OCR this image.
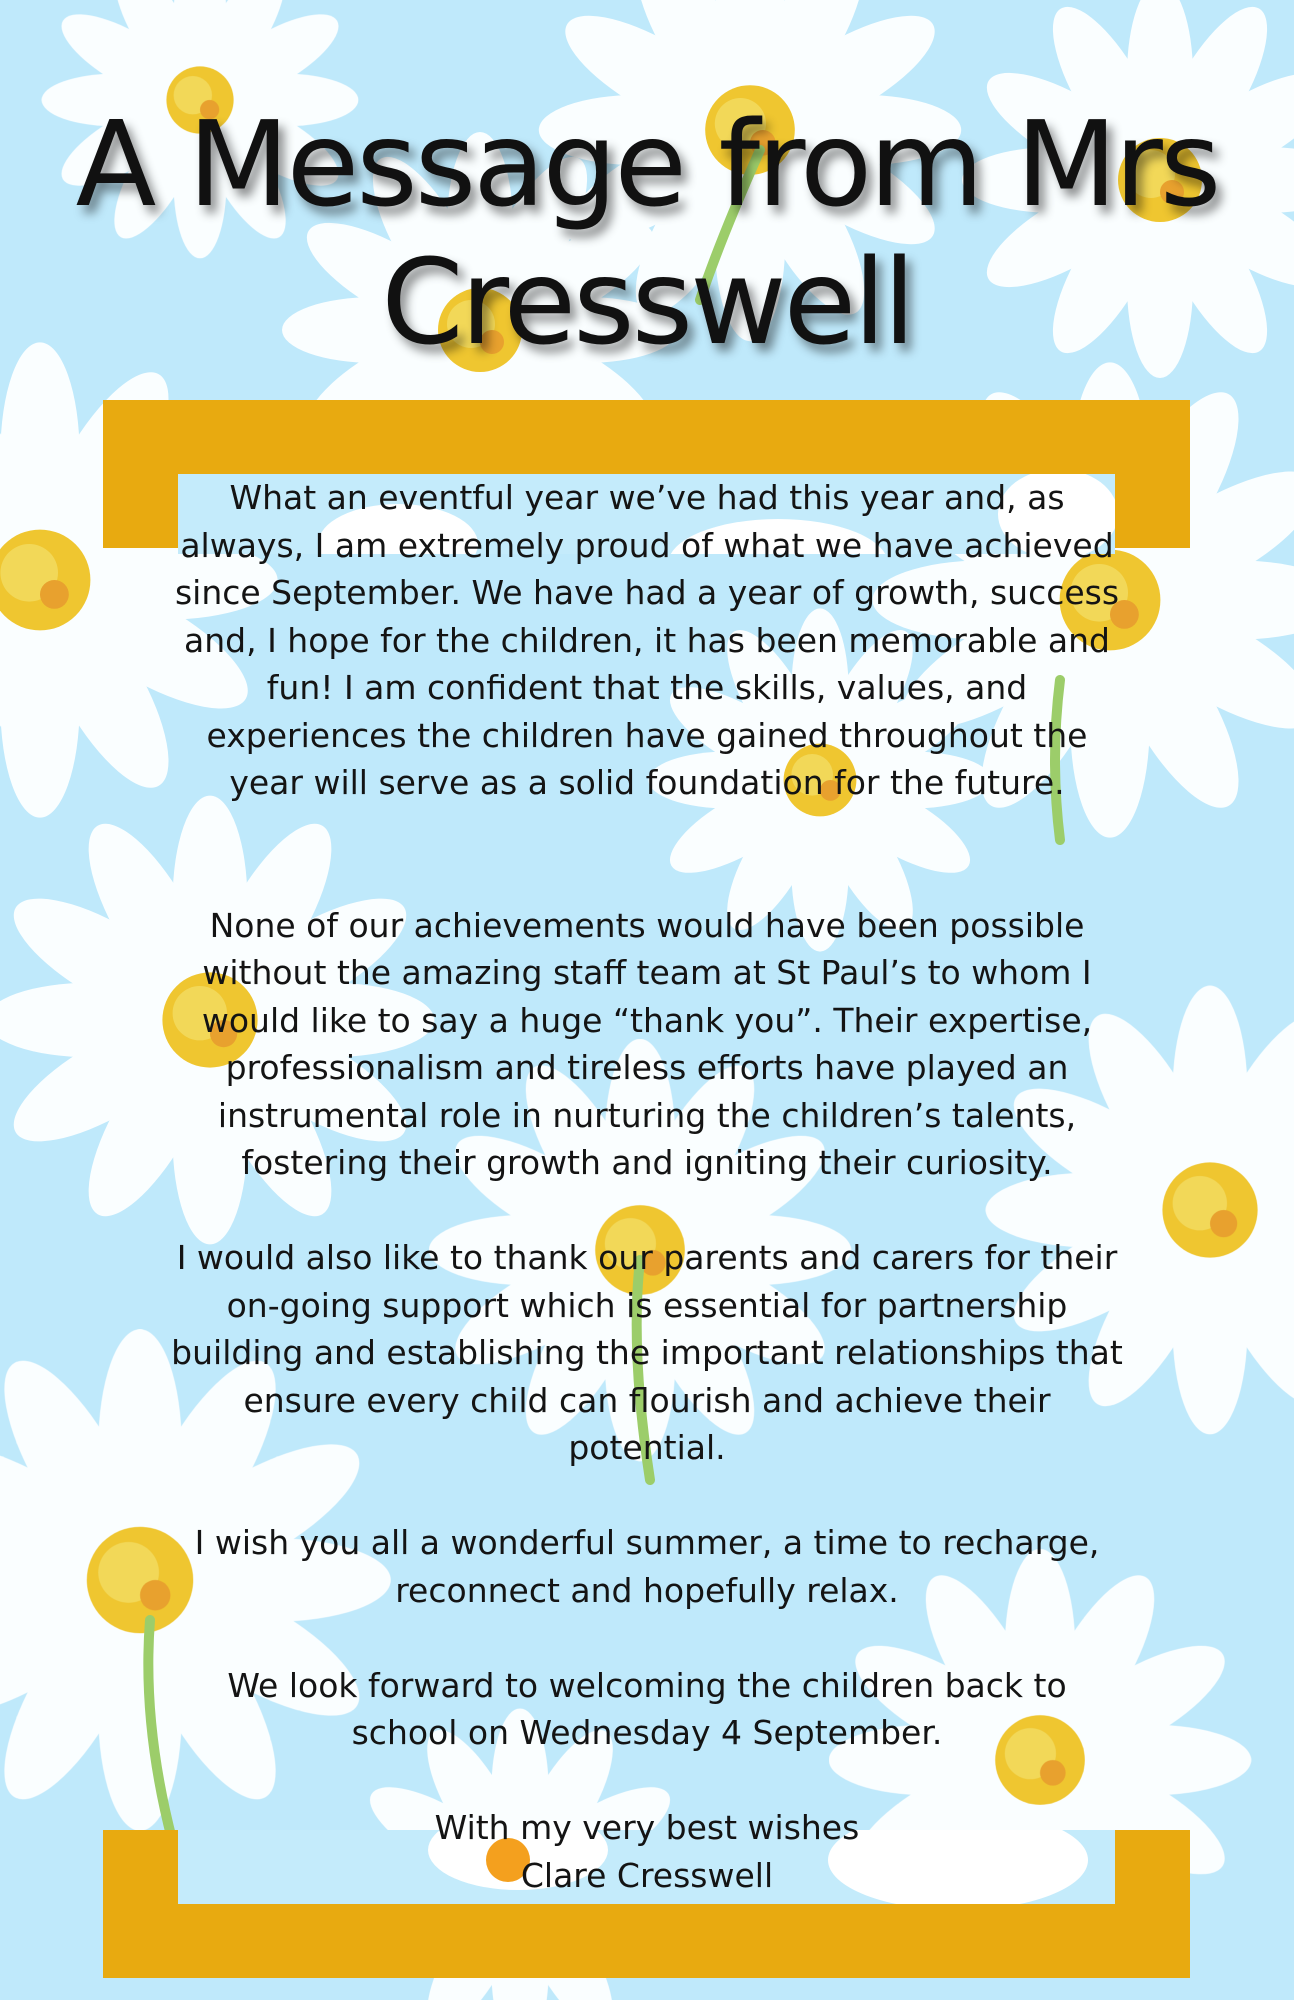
A Message from Mrs Cresswell

What an eventful year we’ve had this year and, as always, I am extremely proud of what we have achieved since September. We have had a year of growth, success and, I hope for the children, it has been memorable and fun! I am confident that the skills, values, and experiences the children have gained throughout the year will serve as a solid foundation for the future.

None of our achievements would have been possible without the amazing staff team at St Paul’s to whom I would like to say a huge “thank you”. Their expertise, professionalism and tireless efforts have played an instrumental role in nurturing the children’s talents, fostering their growth and igniting their curiosity.

I would also like to thank our parents and carers for their on-going support which is essential for partnership building and establishing the important relationships that ensure every child can flourish and achieve their potential.

I wish you all a wonderful summer, a time to recharge, reconnect and hopefully relax.

We look forward to welcoming the children back to school on Wednesday 4 September.

With my very best wishes

Clare Cresswell
